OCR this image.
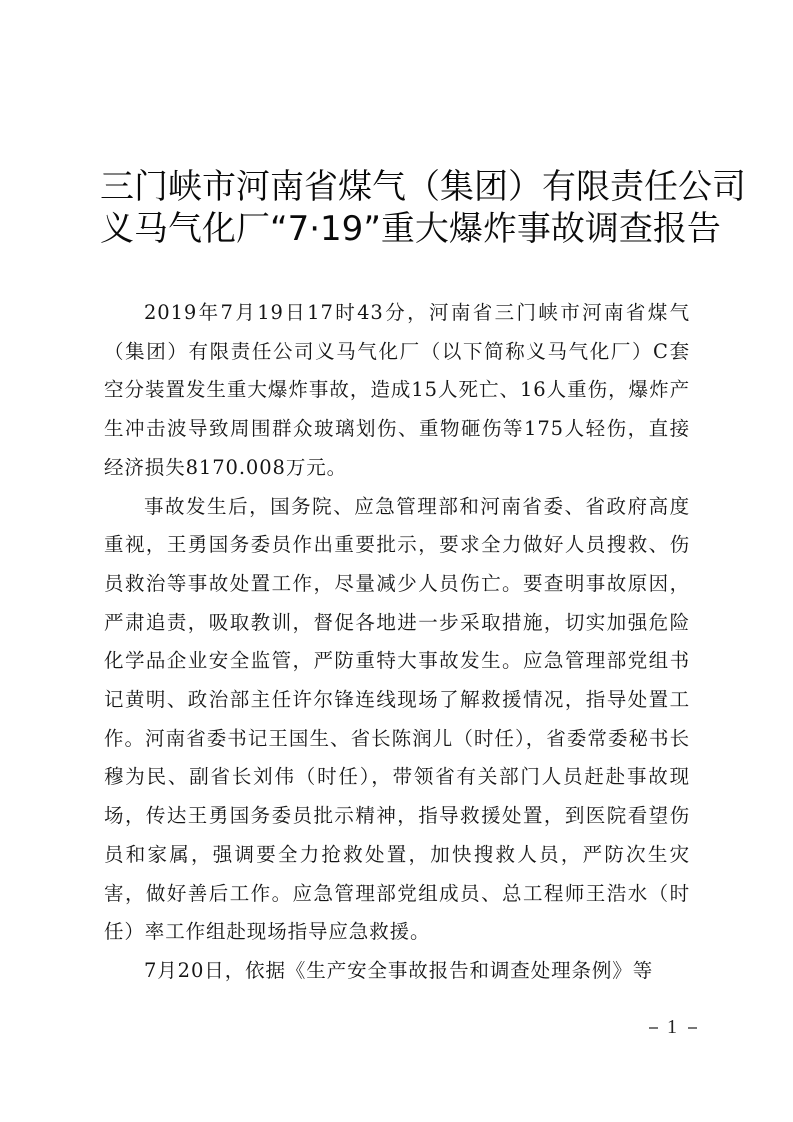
三门峡市河南省煤气（集团）有限责任公司
义马气化厂“7·19”重大爆炸事故调查报告

2019年7月19日17时43分，河南省三门峡市河南省煤气（集团）有限责任公司义马气化厂（以下简称义马气化厂）C套空分装置发生重大爆炸事故，造成15人死亡、16人重伤，爆炸产生冲击波导致周围群众玻璃划伤、重物砸伤等175人轻伤，直接经济损失8170.008万元。

事故发生后，国务院、应急管理部和河南省委、省政府高度重视，王勇国务委员作出重要批示，要求全力做好人员搜救、伤员救治等事故处置工作，尽量减少人员伤亡。要查明事故原因，严肃追责，吸取教训，督促各地进一步采取措施，切实加强危险化学品企业安全监管，严防重特大事故发生。应急管理部党组书记黄明、政治部主任许尔锋连线现场了解救援情况，指导处置工作。河南省委书记王国生、省长陈润儿（时任），省委常委秘书长穆为民、副省长刘伟（时任），带领省有关部门人员赶赴事故现场，传达王勇国务委员批示精神，指导救援处置，到医院看望伤员和家属，强调要全力抢救处置，加快搜救人员，严防次生灾害，做好善后工作。应急管理部党组成员、总工程师王浩水（时任）率工作组赴现场指导应急救援。

7月20日，依据《生产安全事故报告和调查处理条例》等

1
